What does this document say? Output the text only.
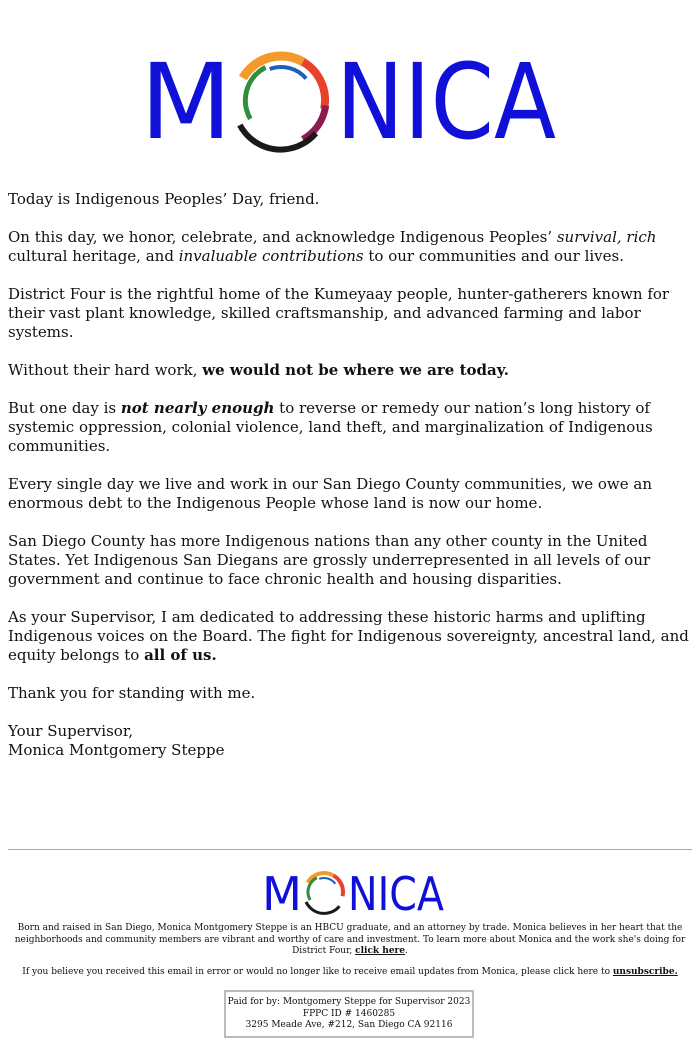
M NICA

Today is Indigenous Peoples’ Day, friend.

On this day, we honor, celebrate, and acknowledge Indigenous Peoples’ survival, rich cultural heritage, and invaluable contributions to our communities and our lives.

District Four is the rightful home of the Kumeyaay people, hunter-gatherers known for their vast plant knowledge, skilled craftsmanship, and advanced farming and labor systems.

Without their hard work, we would not be where we are today.

But one day is not nearly enough to reverse or remedy our nation’s long history of systemic oppression, colonial violence, land theft, and marginalization of Indigenous communities.

Every single day we live and work in our San Diego County communities, we owe an enormous debt to the Indigenous People whose land is now our home.

San Diego County has more Indigenous nations than any other county in the United States. Yet Indigenous San Diegans are grossly underrepresented in all levels of our government and continue to face chronic health and housing disparities.

As your Supervisor, I am dedicated to addressing these historic harms and uplifting Indigenous voices on the Board. The fight for Indigenous sovereignty, ancestral land, and equity belongs to all of us.

Thank you for standing with me.

Your Supervisor,
Monica Montgomery Steppe

M NICA
Born and raised in San Diego, Monica Montgomery Steppe is an HBCU graduate, and an attorney by trade. Monica believes in her heart that the neighborhoods and community members are vibrant and worthy of care and investment. To learn more about Monica and the work she's doing for District Four, click here.
If you believe you received this email in error or would no longer like to receive email updates from Monica, please click here to unsubscribe.
Paid for by: Montgomery Steppe for Supervisor 2023
FPPC ID # 1460285
3295 Meade Ave, #212, San Diego CA 92116
